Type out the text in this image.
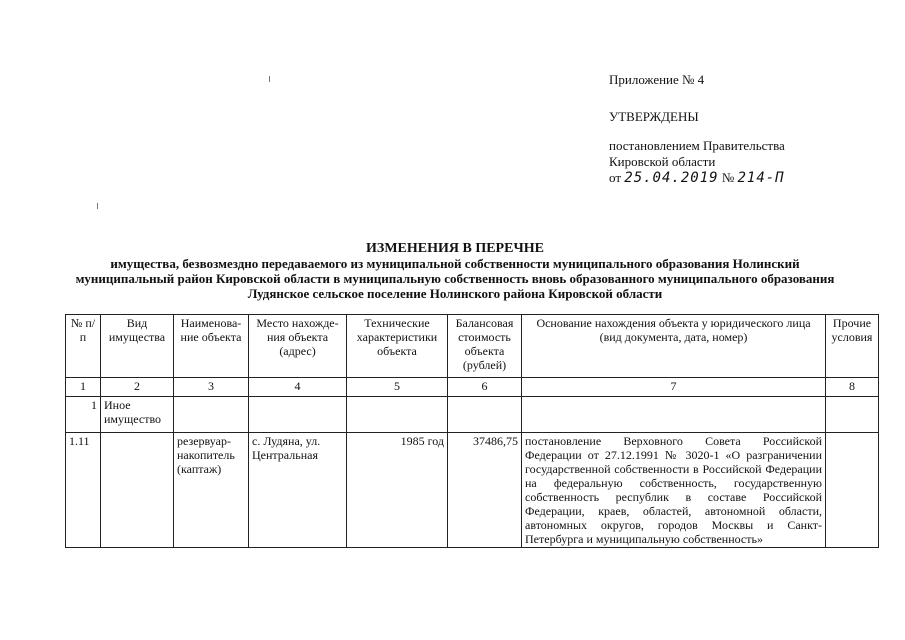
Приложение № 4
УТВЕРЖДЕНЫ
постановлением Правительства
Кировской области
от 25.04.2019 № 214-П
ИЗМЕНЕНИЯ В ПЕРЕЧНЕ
имущества, безвозмездно передаваемого из муниципальной собственности муниципального образования Нолинский
муниципальный район Кировской области в муниципальную собственность вновь образованного муниципального образования
Лудянское сельское поселение Нолинского района Кировской области
№ п/п	Вид имущества	Наименова-ние объекта	Место нахожде-ния объекта (адрес)	Технические характеристики объекта	Балансовая стоимость объекта (рублей)	Основание нахождения объекта у юридического лица (вид документа, дата, номер)	Прочие условия
1	2	3	4	5	6	7	8
1	Иное имущество						
1.11		резервуар-накопитель (каптаж)	с. Лудяна, ул. Центральная	1985 год	37486,75	постановление Верховного Совета Российской Федерации от 27.12.1991 № 3020-1 «О разграничении государственной собственности в Российской Федерации на федеральную собственность, государственную собственность республик в составе Российской Федерации, краев, областей, автономной области, автономных округов, городов Москвы и Санкт-Петербурга и муниципальную собственность»	
